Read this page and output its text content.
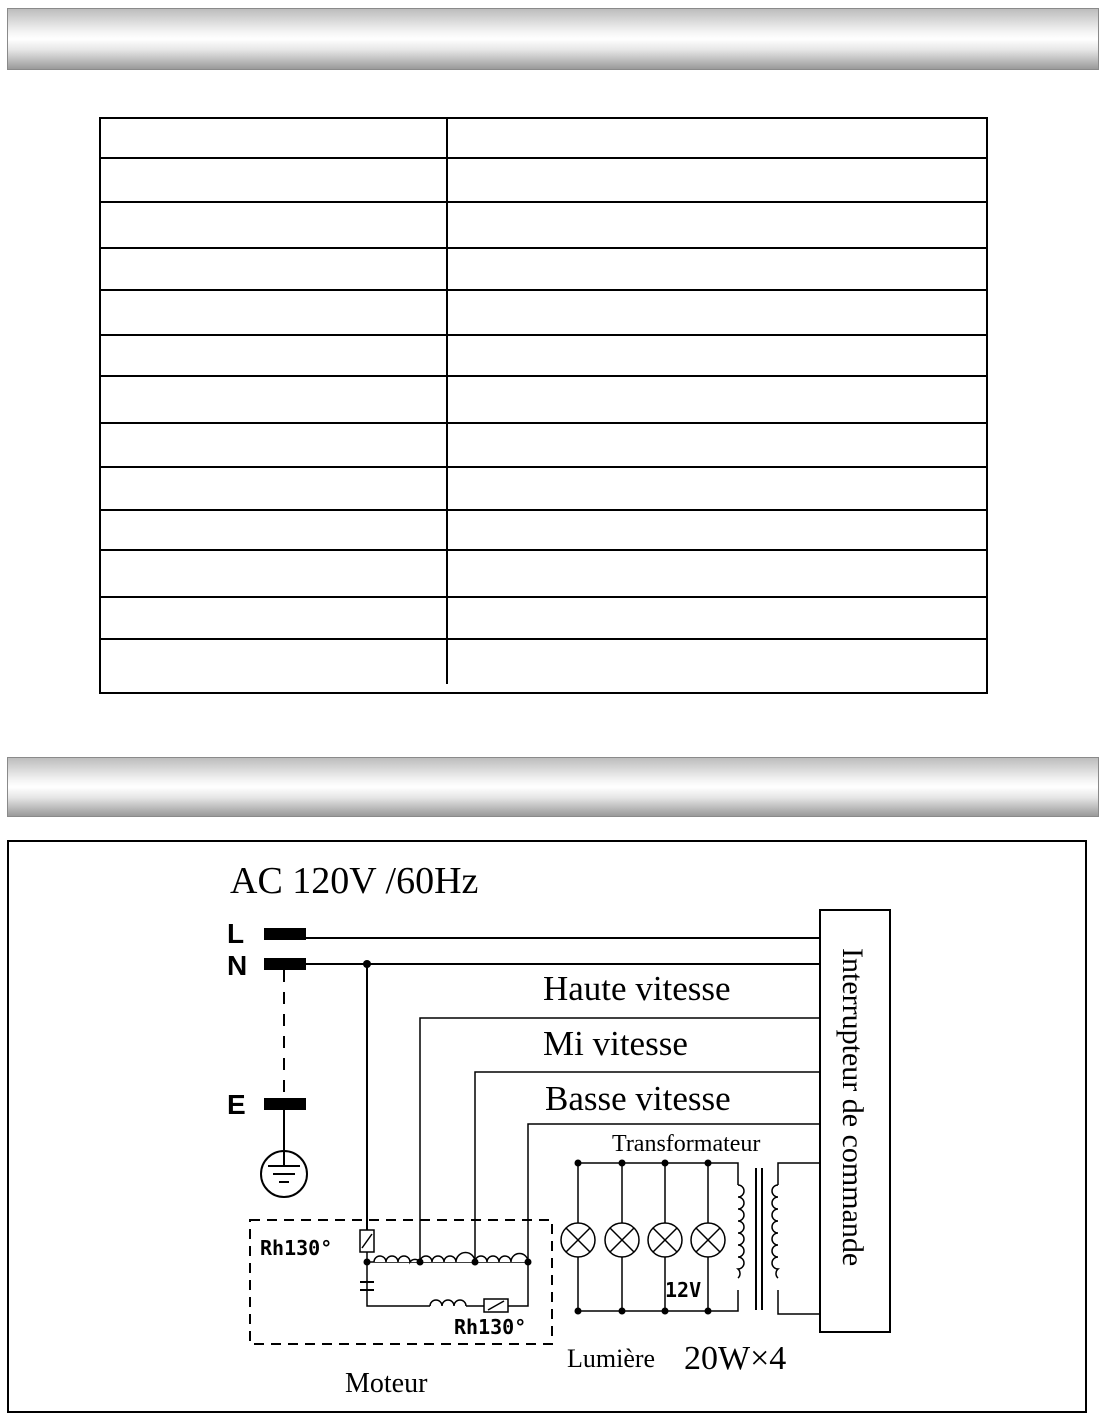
AC 120V /60Hz
L
N
E
Haute vitesse
Mi vitesse
Basse vitesse	Interrupteur de commande
Rh130°
Rh130°
Moteur
Transformateur
12V
Lumière 20W×4
